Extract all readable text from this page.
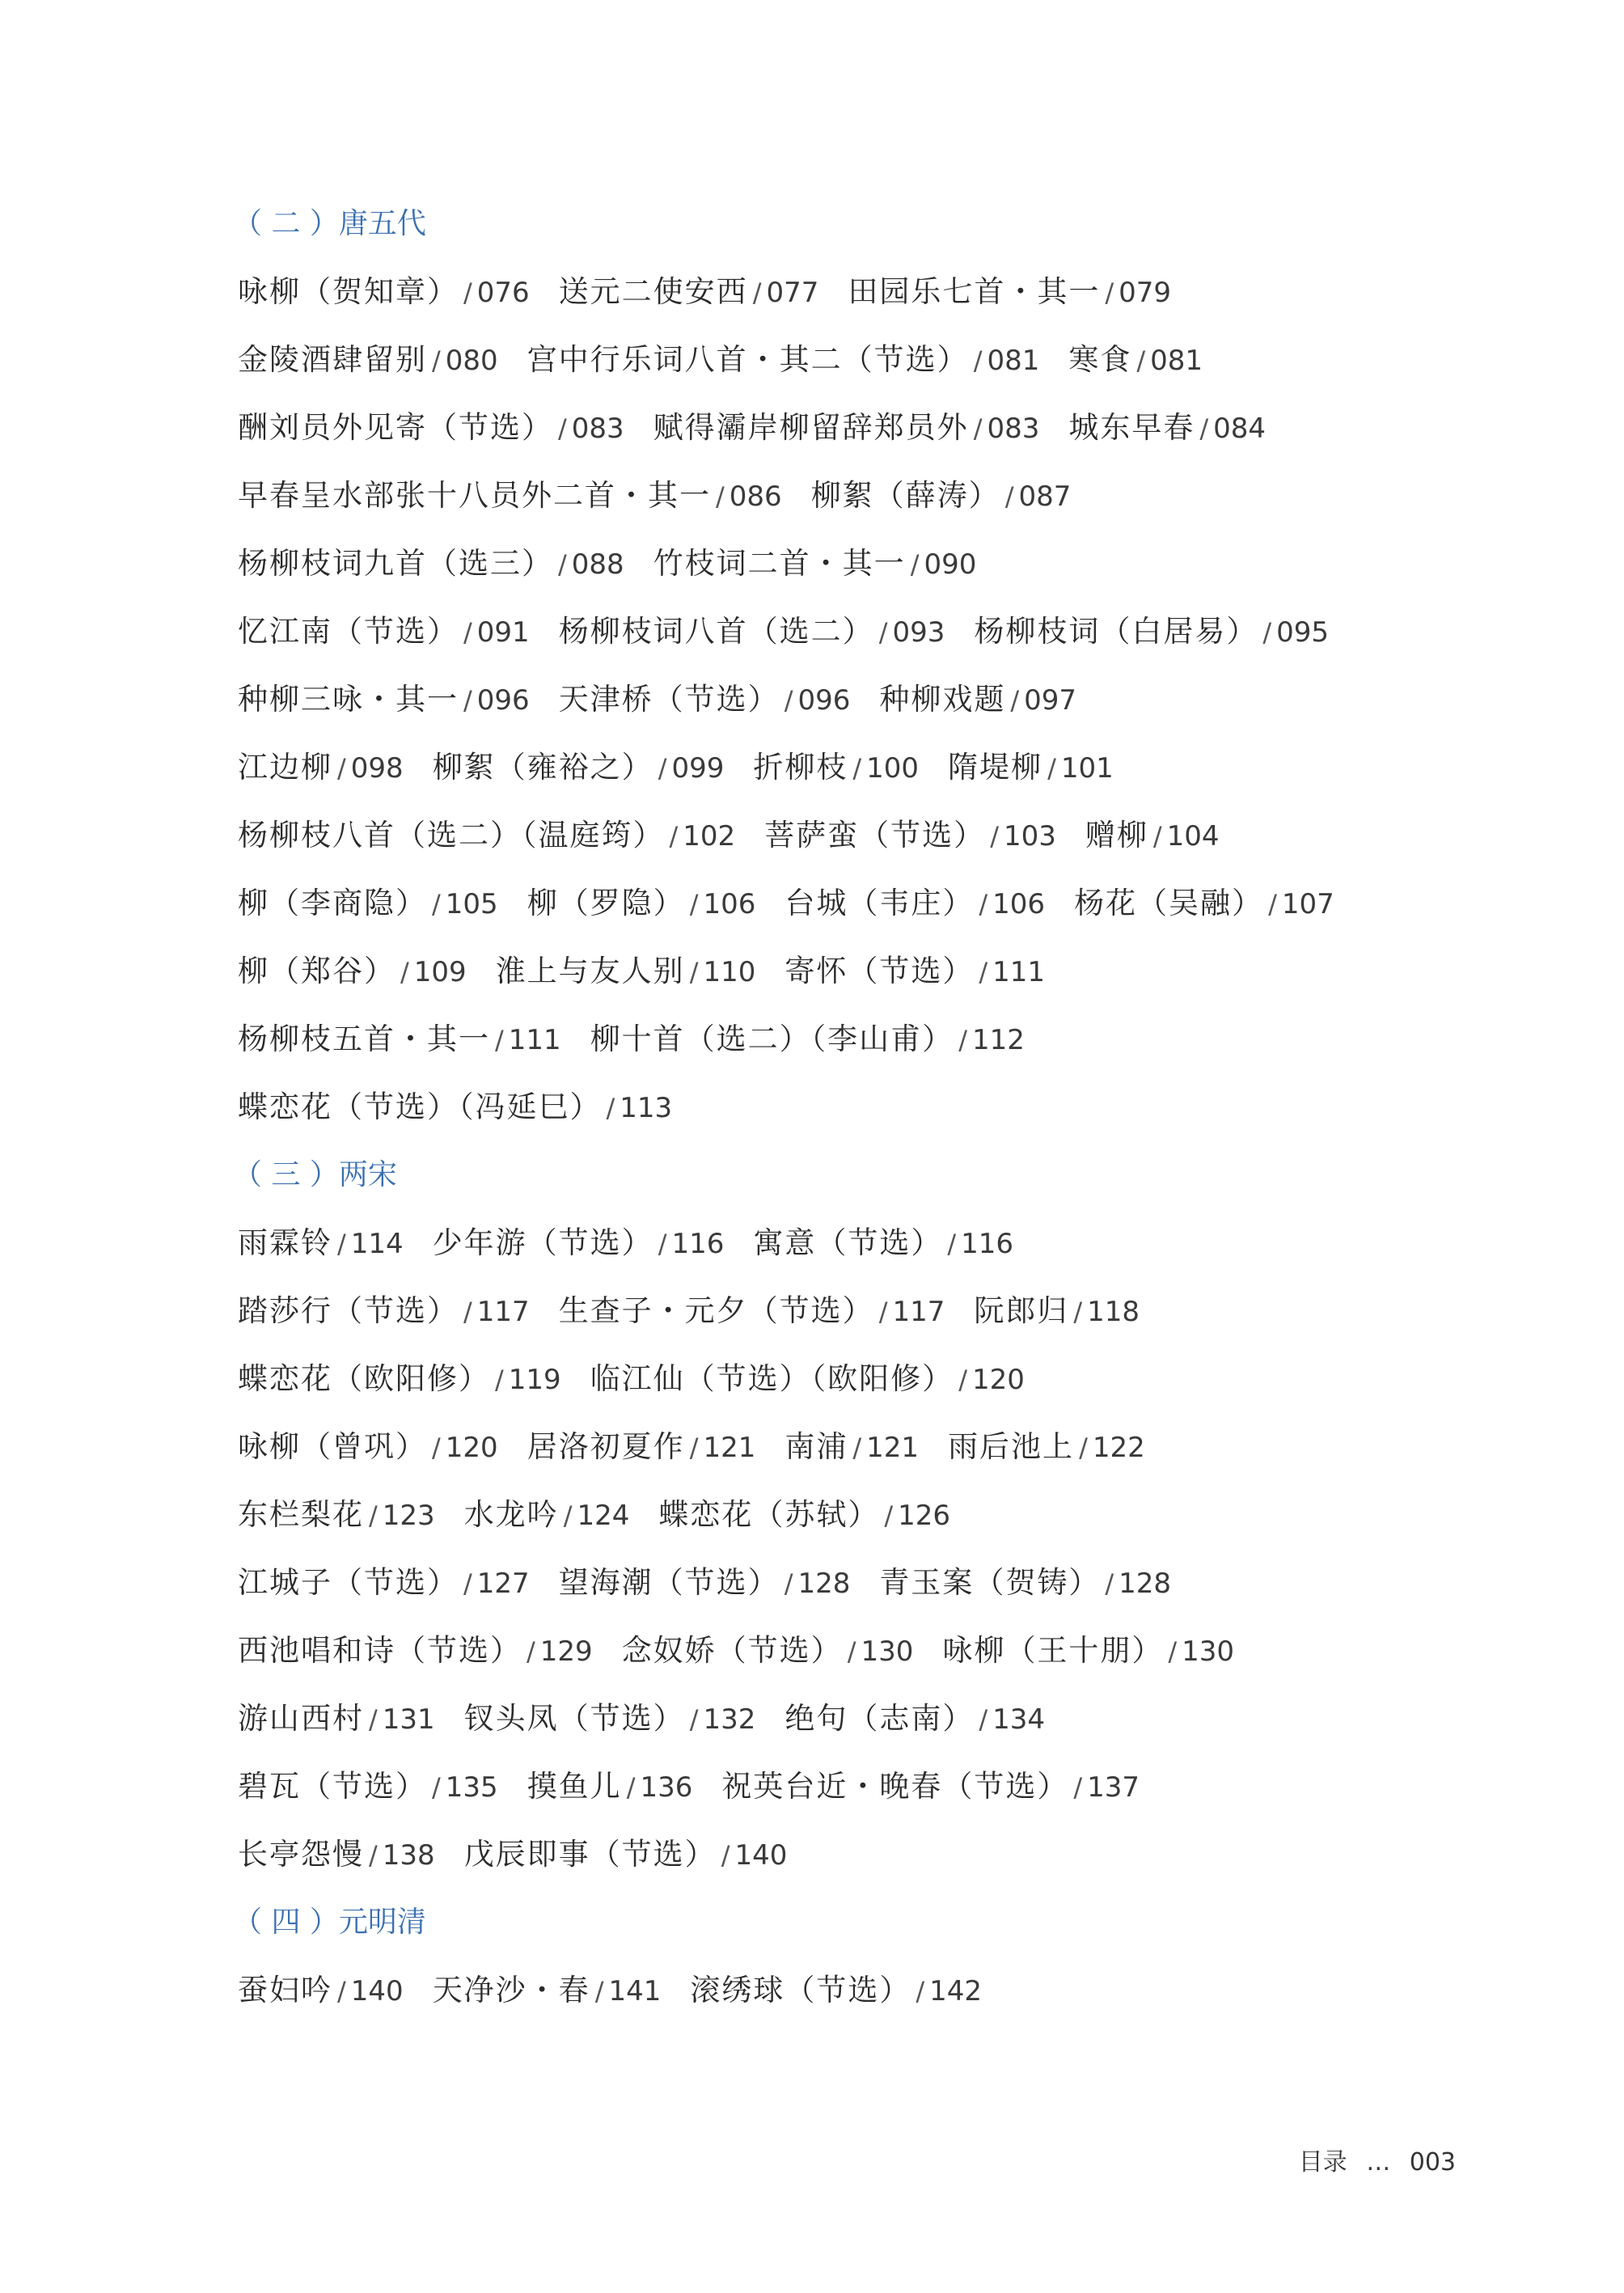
（ 二 ）唐五代
咏柳（贺知章） / 076 送元二使安西 / 077 田园乐七首・其一 / 079
金陵酒肆留别 / 080 宫中行乐词八首・其二（节选） / 081 寒食 / 081
酬刘员外见寄（节选） / 083 赋得灞岸柳留辞郑员外 / 083 城东早春 / 084
早春呈水部张十八员外二首・其一 / 086 柳絮（薛涛） / 087
杨柳枝词九首（选三） / 088 竹枝词二首・其一 / 090
忆江南（节选） / 091 杨柳枝词八首（选二） / 093 杨柳枝词（白居易） / 095
种柳三咏・其一 / 096 天津桥（节选） / 096 种柳戏题 / 097
江边柳 / 098 柳絮（雍裕之） / 099 折柳枝 / 100 隋堤柳 / 101
杨柳枝八首（选二）（温庭筠） / 102 菩萨蛮（节选） / 103 赠柳 / 104
柳（李商隐） / 105 柳（罗隐） / 106 台城（韦庄） / 106 杨花（吴融） / 107
柳（郑谷） / 109 淮上与友人别 / 110 寄怀（节选） / 111
杨柳枝五首・其一 / 111 柳十首（选二）（李山甫） / 112
蝶恋花（节选）（冯延巳） / 113
（ 三 ）两宋
雨霖铃 / 114 少年游（节选） / 116 寓意（节选） / 116
踏莎行（节选） / 117 生查子・元夕（节选） / 117 阮郎归 / 118
蝶恋花（欧阳修） / 119 临江仙（节选）（欧阳修） / 120
咏柳（曾巩） / 120 居洛初夏作 / 121 南浦 / 121 雨后池上 / 122
东栏梨花 / 123 水龙吟 / 124 蝶恋花（苏轼） / 126
江城子（节选） / 127 望海潮（节选） / 128 青玉案（贺铸） / 128
西池唱和诗（节选） / 129 念奴娇（节选） / 130 咏柳（王十朋） / 130
游山西村 / 131 钗头凤（节选） / 132 绝句（志南） / 134
碧瓦（节选） / 135 摸鱼儿 / 136 祝英台近・晚春（节选） / 137
长亭怨慢 / 138 戊辰即事（节选） / 140
（ 四 ）元明清
蚕妇吟 / 140 天净沙・春 / 141 滚绣球（节选） / 142
目录 … 003
